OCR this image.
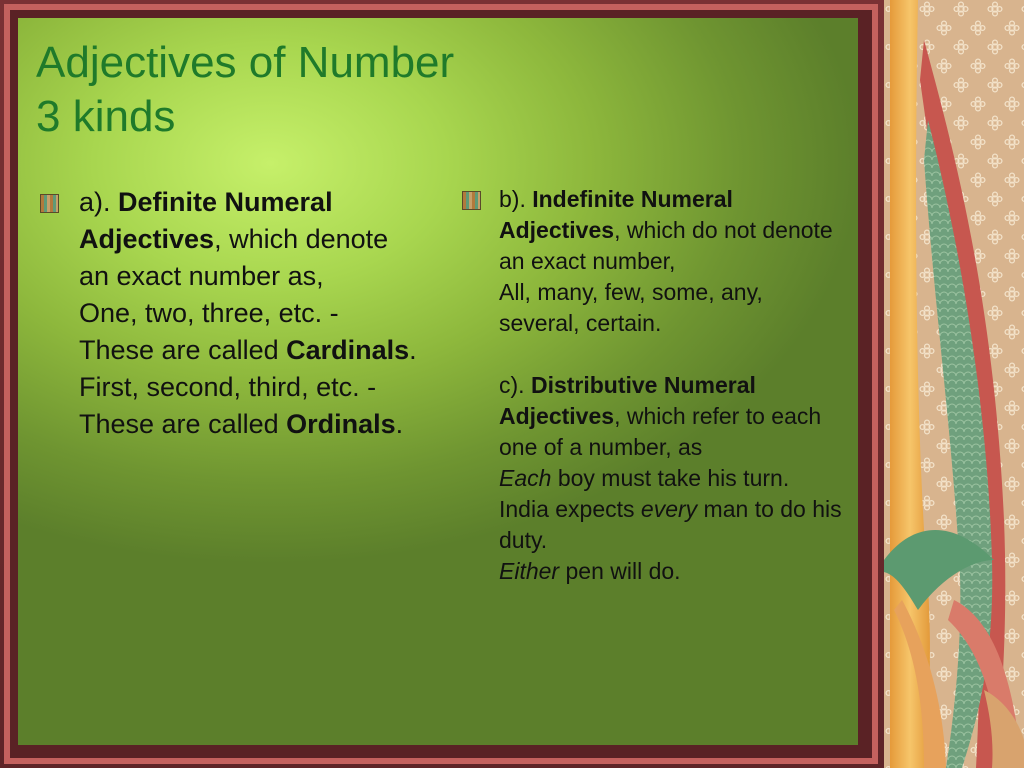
Adjectives of Number
3 kinds
a). Definite Numeral Adjectives, which denote an exact number as,
One, two, three, etc. - These are called Cardinals.
First, second, third, etc. - These are called Ordinals.
b). Indefinite Numeral Adjectives, which do not denote an exact number,
All, many, few, some, any, several, certain.
c). Distributive Numeral Adjectives, which refer to each one of a number, as
Each boy must take his turn.
India expects every man to do his duty.
Either pen will do.
